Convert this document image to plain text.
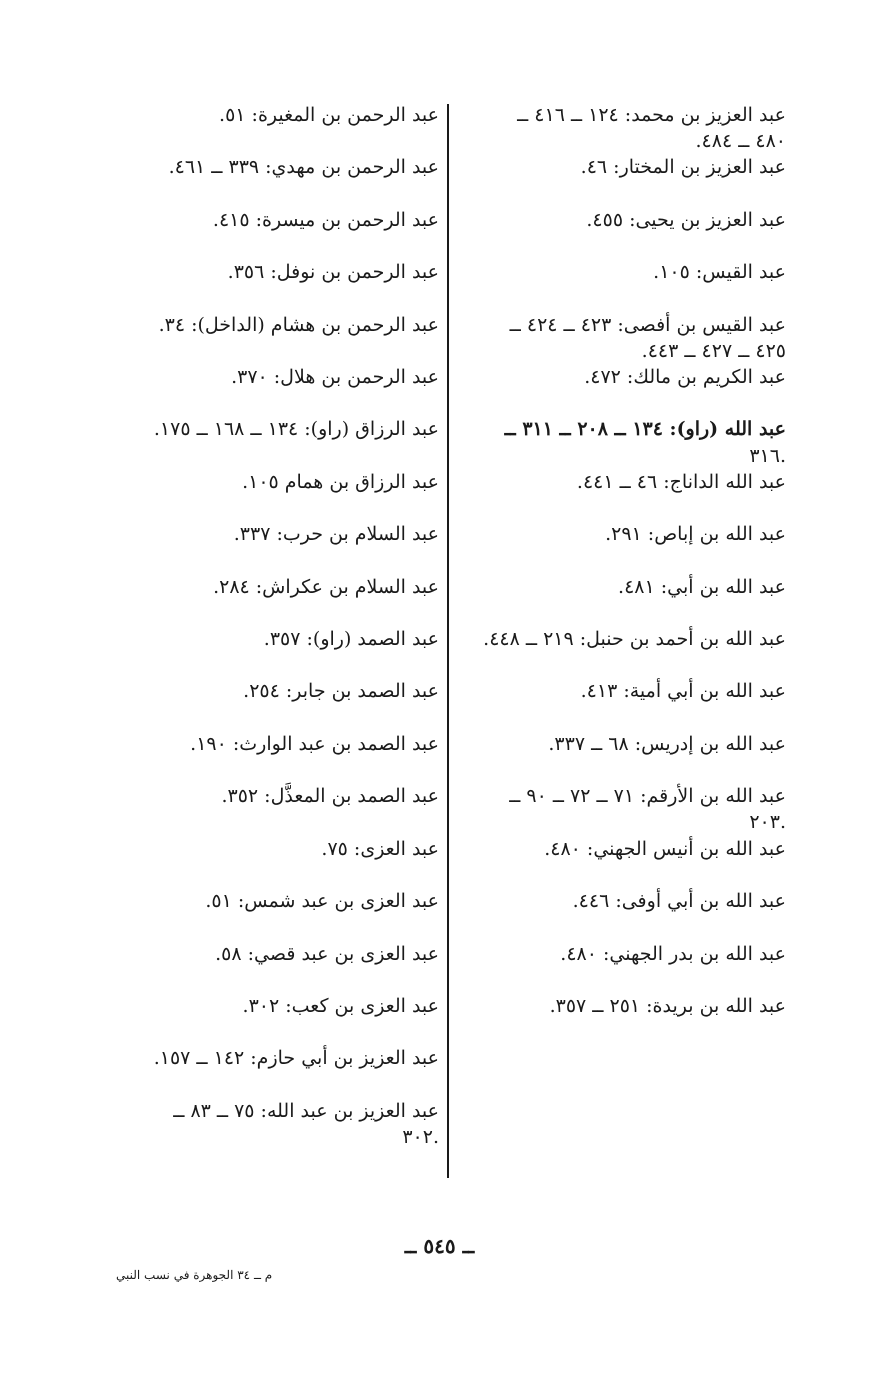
عبد الرحمن بن المغيرة: ٥١.

عبد الرحمن بن مهدي: ٣٣٩ ــ ٤٦١.

عبد الرحمن بن ميسرة: ٤١٥.

عبد الرحمن بن نوفل: ٣٥٦.

عبد الرحمن بن هشام (الداخل): ٣٤.

عبد الرحمن بن هلال: ٣٧٠.

عبد الرزاق (راو): ١٣٤ ــ ١٦٨ ــ ١٧٥.

عبد الرزاق بن همام ١٠٥.

عبد السلام بن حرب: ٣٣٧.

عبد السلام بن عكراش: ٢٨٤.

عبد الصمد (راو): ٣٥٧.

عبد الصمد بن جابر: ٢٥٤.

عبد الصمد بن عبد الوارث: ١٩٠.

عبد الصمد بن المعذَّل: ٣٥٢.

عبد العزى: ٧٥.

عبد العزى بن عبد شمس: ٥١.

عبد العزى بن عبد قصي: ٥٨.

عبد العزى بن كعب: ٣٠٢.

عبد العزيز بن أبي حازم: ١٤٢ ــ ١٥٧.

عبد العزيز بن عبد الله: ٧٥ ــ ٨٣ ــ

٣٠٢.

عبد العزيز بن محمد: ١٢٤ ــ ٤١٦ ــ

٤٨٠ ــ ٤٨٤.

عبد العزيز بن المختار: ٤٦.

عبد العزيز بن يحيى: ٤٥٥.

عبد القيس: ١٠٥.

عبد القيس بن أفصى: ٤٢٣ ــ ٤٢٤ ــ

٤٢٥ ــ ٤٢٧ ــ ٤٤٣.

عبد الكريم بن مالك: ٤٧٢.

عبد الله (راو): ١٣٤ ــ ٢٠٨ ــ ٣١١ ــ

٣١٦.

عبد الله الداناج: ٤٦ ــ ٤٤١.

عبد الله بن إباص: ٢٩١.

عبد الله بن أبي: ٤٨١.

عبد الله بن أحمد بن حنبل: ٢١٩ ــ ٤٤٨.

عبد الله بن أبي أمية: ٤١٣.

عبد الله بن إدريس: ٦٨ ــ ٣٣٧.

عبد الله بن الأرقم: ٧١ ــ ٧٢ ــ ٩٠ ــ

٢٠٣.

عبد الله بن أنيس الجهني: ٤٨٠.

عبد الله بن أبي أوفى: ٤٤٦.

عبد الله بن بدر الجهني: ٤٨٠.

عبد الله بن بريدة: ٢٥١ ــ ٣٥٧.

ــ ٥٤٥ ــ
م ــ ٣٤ الجوهرة في نسب النبي
